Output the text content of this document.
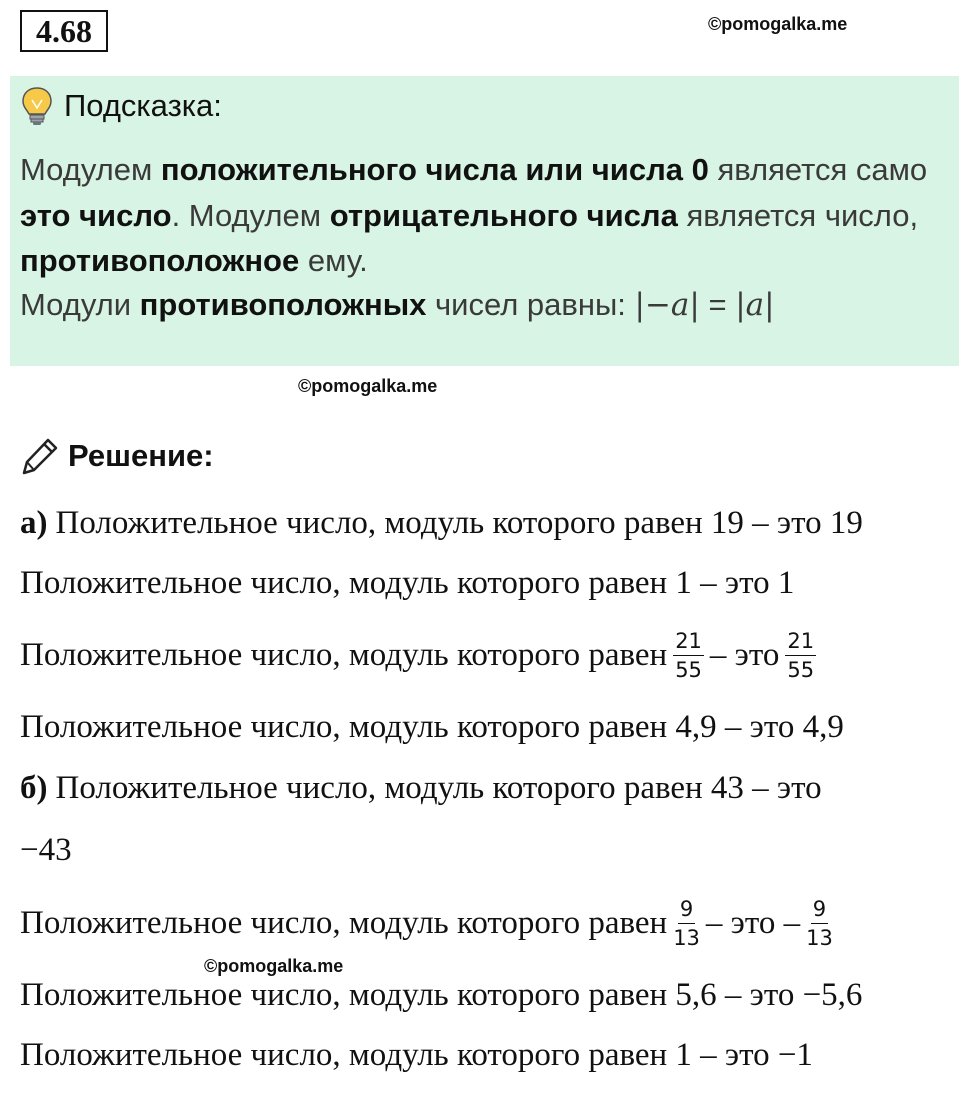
4.68	©pomogalka.me
Подсказка:
Модулем положительного числа или числа 0 является само
это число. Модулем отрицательного числа является число,
противоположное ему.
Модули противоположных чисел равны: |−a| = |a|
©pomogalka.me
Решение:
а) Положительное число, модуль которого равен 19 – это 19
Положительное число, модуль которого равен 1 – это 1
Положительное число, модуль которого равен $\frac{21}{55}$ – это $\frac{21}{55}$
Положительное число, модуль которого равен 4,9 – это 4,9
б) Положительное число, модуль которого равен 43 – это
−43
Положительное число, модуль которого равен $\frac{9}{13}$ – это – $\frac{9}{13}$
©pomogalka.me
Положительное число, модуль которого равен 5,6 – это −5,6
Положительное число, модуль которого равен 1 – это −1
